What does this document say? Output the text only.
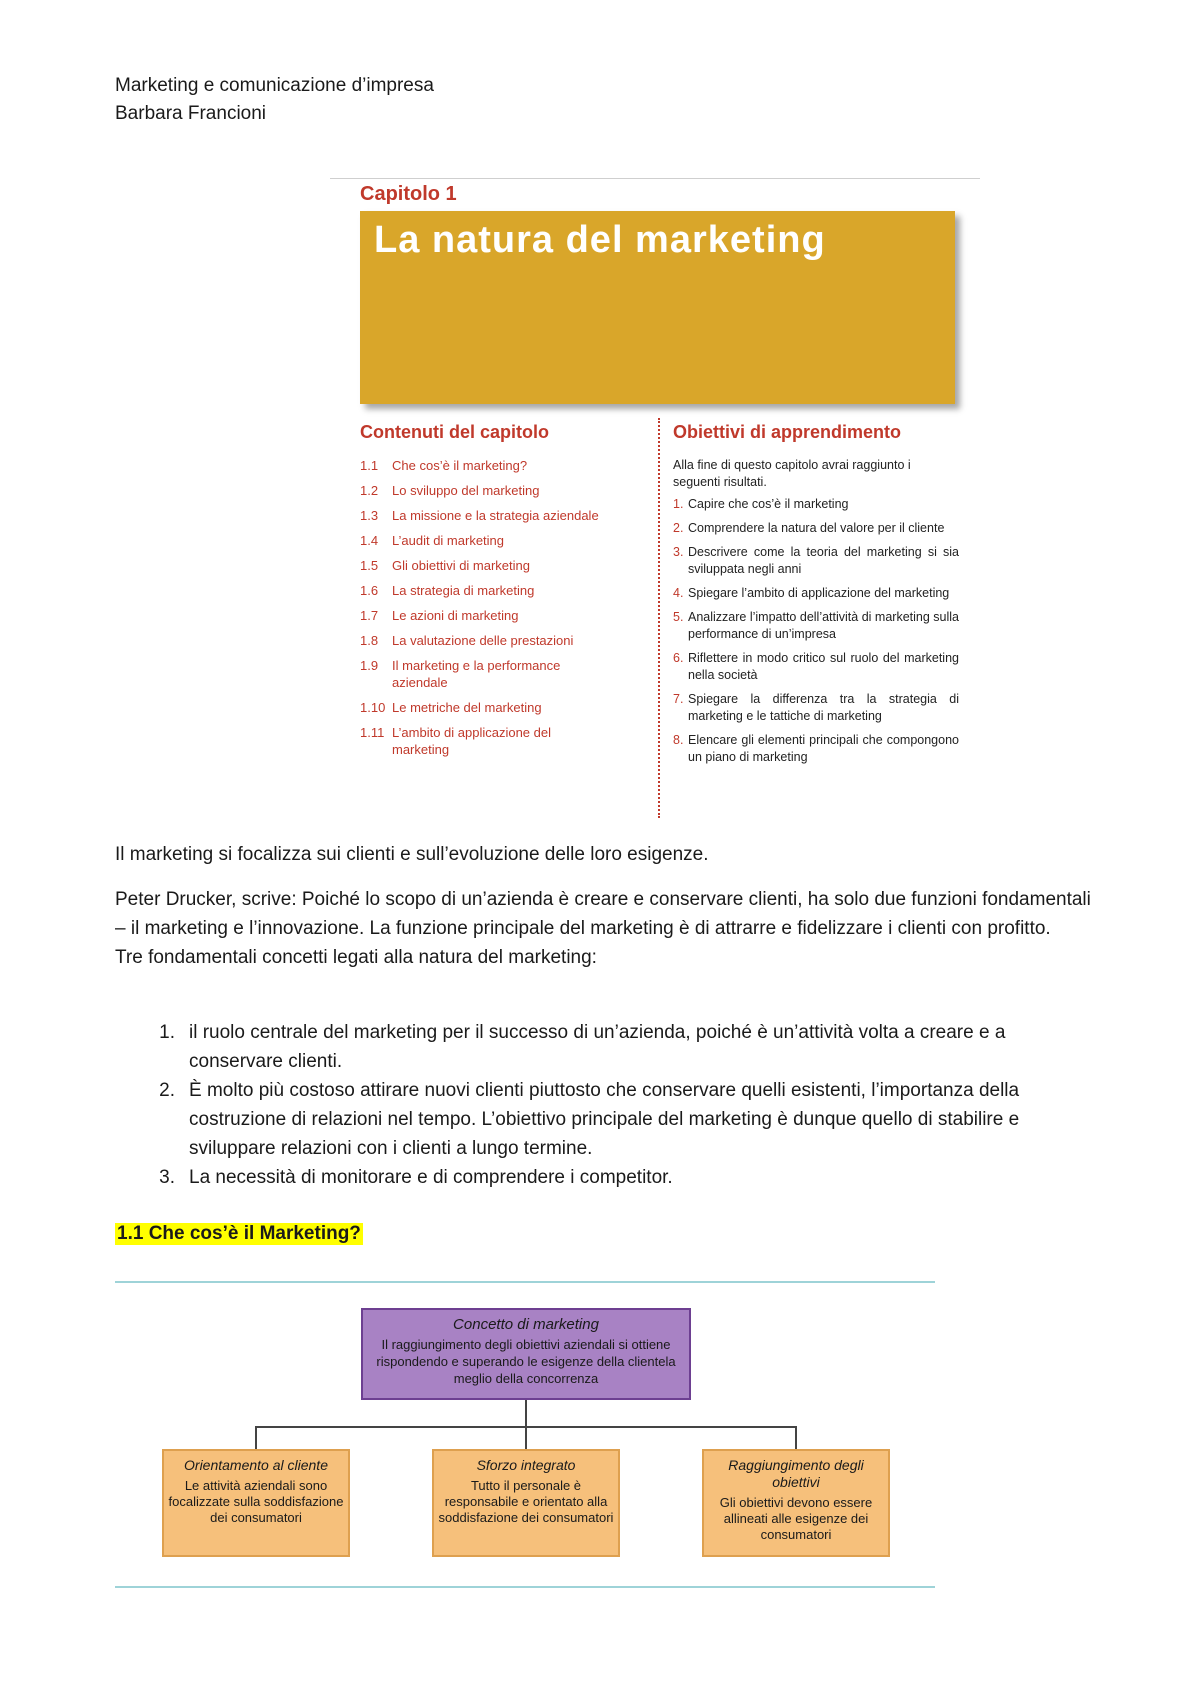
Marketing e comunicazione d’impresa
Barbara Francioni
Capitolo 1
La natura del marketing
Contenuti del capitolo	Obiettivi di apprendimento
1.1	Che cos’è il marketing?
1.2	Lo sviluppo del marketing
1.3	La missione e la strategia aziendale
1.4	L’audit di marketing
1.5	Gli obiettivi di marketing
1.6	La strategia di marketing
1.7	Le azioni di marketing
1.8	La valutazione delle prestazioni
1.9	Il marketing e la performance aziendale
1.10 Le metriche del marketing
1.11 L’ambito di applicazione del marketing
Alla fine di questo capitolo avrai raggiunto i seguenti risultati.
1. Capire che cos’è il marketing
2. Comprendere la natura del valore per il cliente
3. Descrivere come la teoria del marketing si sia sviluppata negli anni
4. Spiegare l’ambito di applicazione del marketing
5. Analizzare l’impatto dell’attività di marketing sulla performance di un’impresa
6. Riflettere in modo critico sul ruolo del marketing nella società
7. Spiegare la differenza tra la strategia di marketing e le tattiche di marketing
8. Elencare gli elementi principali che compongono un piano di marketing
Il marketing si focalizza sui clienti e sull’evoluzione delle loro esigenze.
Peter Drucker, scrive: Poiché lo scopo di un’azienda è creare e conservare clienti, ha solo due funzioni fondamentali – il marketing e l’innovazione. La funzione principale del marketing è di attrarre e fidelizzare i clienti con profitto.
Tre fondamentali concetti legati alla natura del marketing:
1. il ruolo centrale del marketing per il successo di un’azienda, poiché è un’attività volta a creare e a conservare clienti.
2. È molto più costoso attirare nuovi clienti piuttosto che conservare quelli esistenti, l’importanza della costruzione di relazioni nel tempo. L’obiettivo principale del marketing è dunque quello di stabilire e sviluppare relazioni con i clienti a lungo termine.
3. La necessità di monitorare e di comprendere i competitor.
1.1 Che cos’è il Marketing?
Concetto di marketing
Il raggiungimento degli obiettivi aziendali si ottiene rispondendo e superando le esigenze della clientela meglio della concorrenza
Orientamento al cliente
Le attività aziendali sono focalizzate sulla soddisfazione dei consumatori
Sforzo integrato
Tutto il personale è responsabile e orientato alla soddisfazione dei consumatori
Raggiungimento degli obiettivi
Gli obiettivi devono essere allineati alle esigenze dei consumatori
